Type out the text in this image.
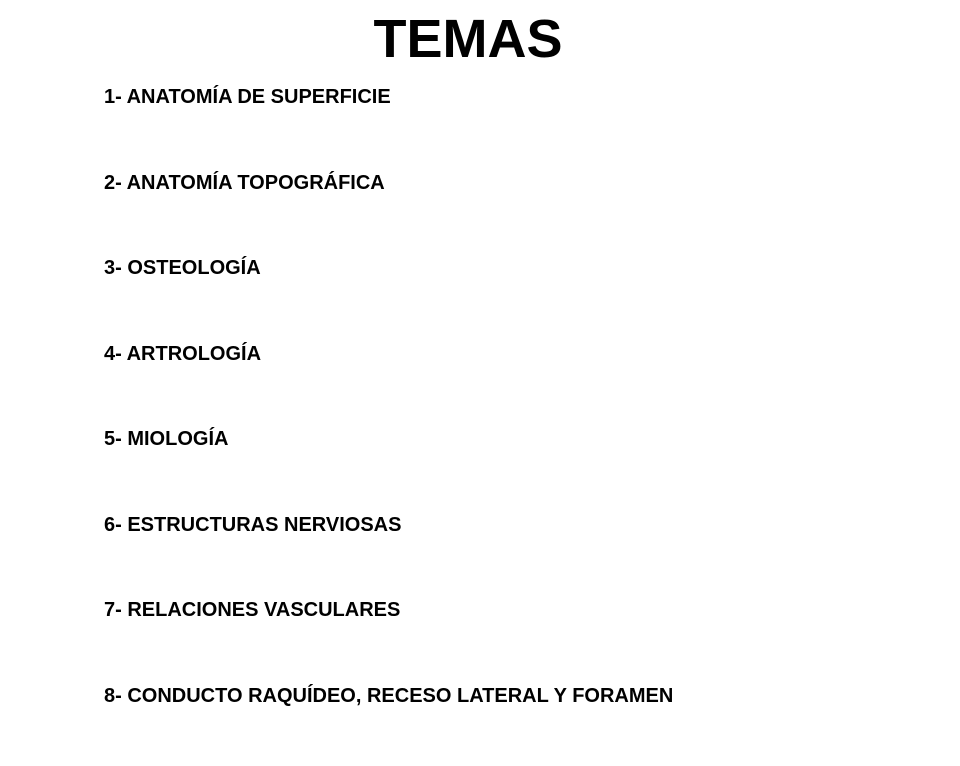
TEMAS
1- ANATOMÍA DE SUPERFICIE
2- ANATOMÍA TOPOGRÁFICA
3- OSTEOLOGÍA
4- ARTROLOGÍA
5- MIOLOGÍA
6- ESTRUCTURAS NERVIOSAS
7- RELACIONES VASCULARES
8- CONDUCTO RAQUÍDEO, RECESO LATERAL Y FORAMEN
